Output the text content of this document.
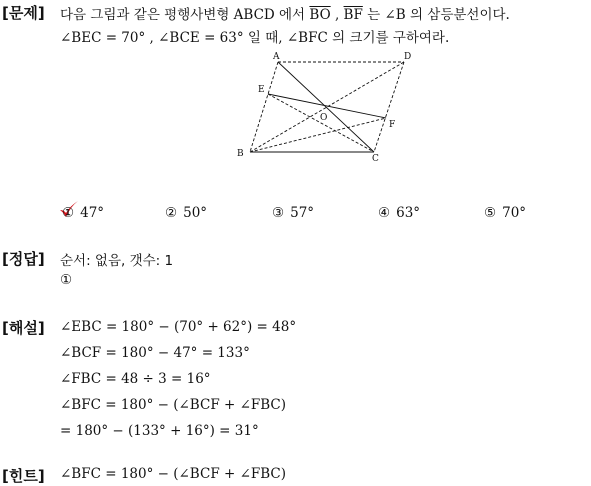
[문제] 다음 그림과 같은 평행사변형 ABCD 에서 $\overline{BO}$ , $\overline{BF}$ 는 ∠B 의 삼등분선이다.
∠BEC = 70° , ∠BCE = 63° 일 때, ∠BFC 의 크기를 구하여라.
A	D
E
O
F
B	C
① 47°	② 50°	③ 57°	④ 63°	⑤ 70°
[정답] 순서: 없음, 갯수: 1
①
[해설] ∠EBC = 180° − (70° + 62°) = 48°
∠BCF = 180° − 47° = 133°
∠FBC = 48 ÷ 3 = 16°
∠BFC = 180° − (∠BCF + ∠FBC)
= 180° − (133° + 16°) = 31°
[힌트] ∠BFC = 180° − (∠BCF + ∠FBC)
